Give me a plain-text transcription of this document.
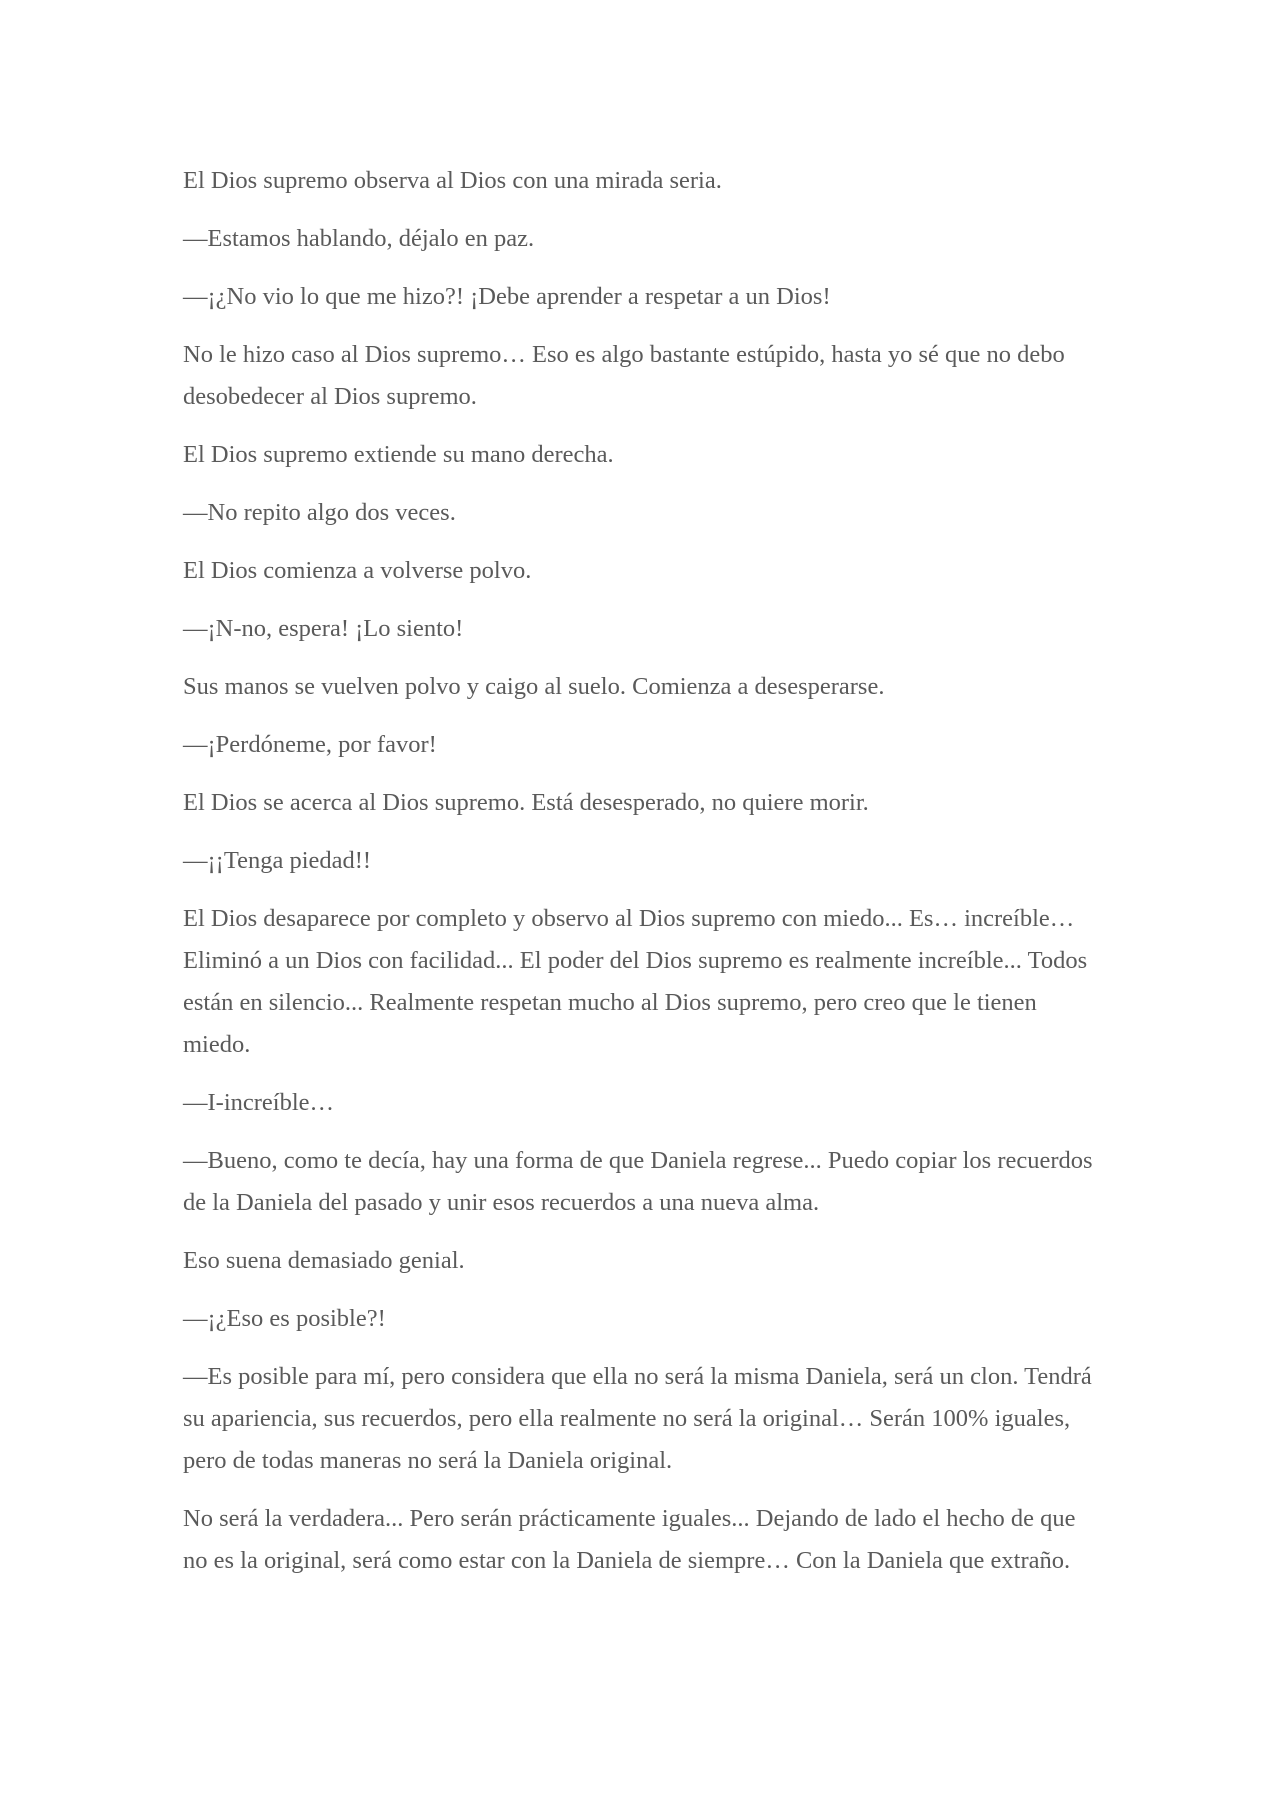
El Dios supremo observa al Dios con una mirada seria.

—Estamos hablando, déjalo en paz.

—¡¿No vio lo que me hizo?! ¡Debe aprender a respetar a un Dios!

No le hizo caso al Dios supremo… Eso es algo bastante estúpido, hasta yo sé que no debo desobedecer al Dios supremo.

El Dios supremo extiende su mano derecha.

—No repito algo dos veces.

El Dios comienza a volverse polvo.

—¡N-no, espera! ¡Lo siento!

Sus manos se vuelven polvo y caigo al suelo. Comienza a desesperarse.

—¡Perdóneme, por favor!

El Dios se acerca al Dios supremo. Está desesperado, no quiere morir.

—¡¡Tenga piedad!!

El Dios desaparece por completo y observo al Dios supremo con miedo... Es… increíble… Eliminó a un Dios con facilidad... El poder del Dios supremo es realmente increíble... Todos están en silencio... Realmente respetan mucho al Dios supremo, pero creo que le tienen miedo.

—I-increíble…

—Bueno, como te decía, hay una forma de que Daniela regrese... Puedo copiar los recuerdos de la Daniela del pasado y unir esos recuerdos a una nueva alma.

Eso suena demasiado genial.

—¡¿Eso es posible?!

—Es posible para mí, pero considera que ella no será la misma Daniela, será un clon. Tendrá su apariencia, sus recuerdos, pero ella realmente no será la original… Serán 100% iguales, pero de todas maneras no será la Daniela original.

No será la verdadera... Pero serán prácticamente iguales... Dejando de lado el hecho de que no es la original, será como estar con la Daniela de siempre… Con la Daniela que extraño.
